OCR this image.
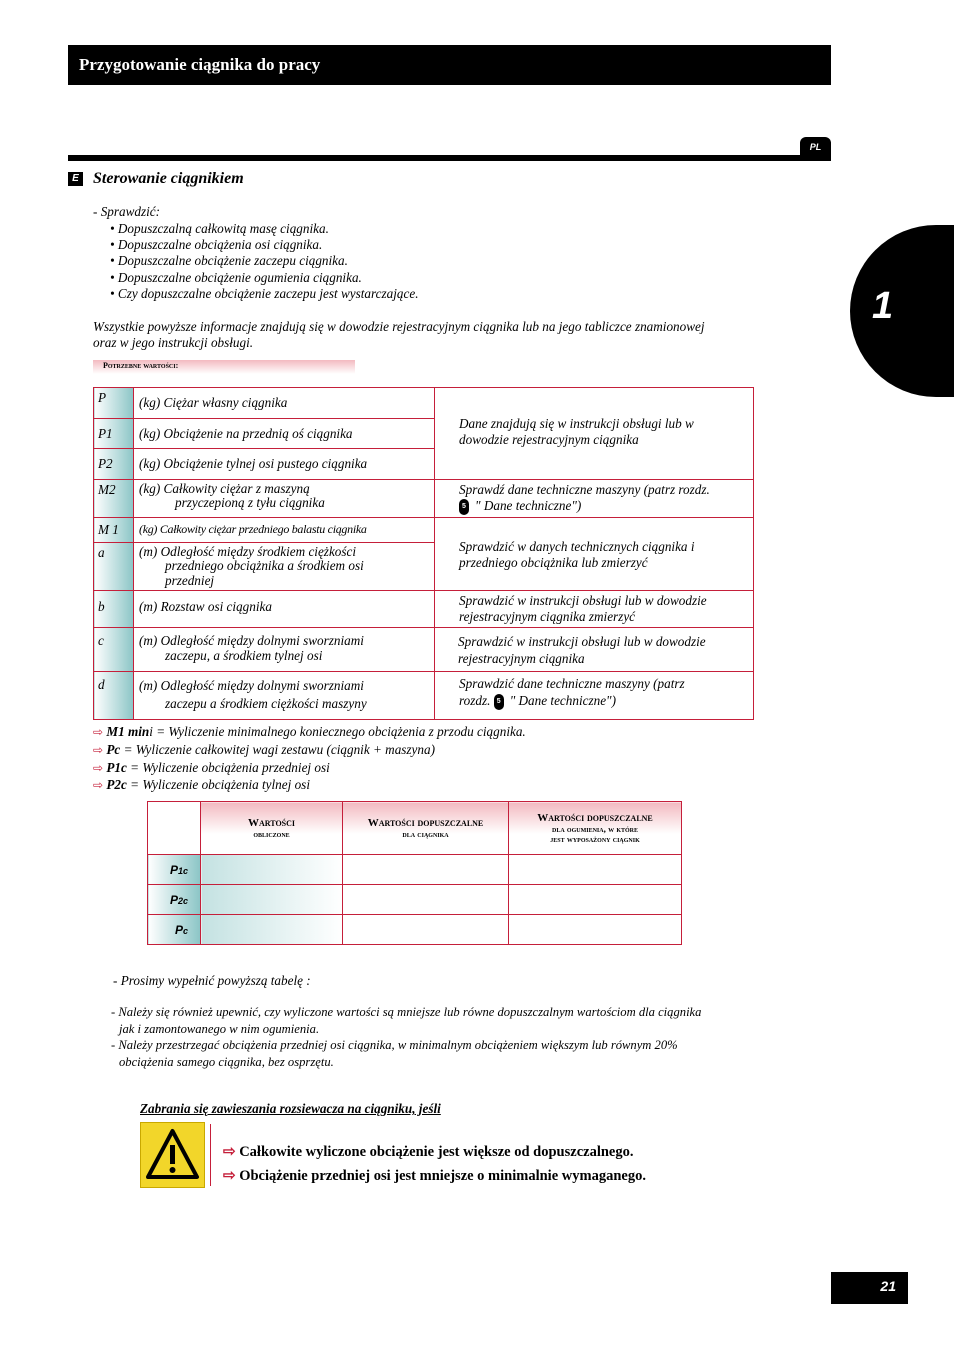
Przygotowanie ciągnika do pracy
PL
1
E Sterowanie ciągnikiem
- Sprawdzić:
• Dopuszczalną całkowitą masę ciągnika.
• Dopuszczalne obciążenia osi ciągnika.
• Dopuszczalne obciążenie zaczepu ciągnika.
• Dopuszczalne obciążenie ogumienia ciągnika.
• Czy dopuszczalne obciążenie zaczepu jest wystarczające.
Wszystkie powyższe informacje znajdują się w dowodzie rejestracyjnym ciągnika lub na jego tabliczce znamionowej
oraz w jego instrukcji obsługi.
Potrzebne wartości:
P	(kg) Ciężar własny ciągnika	Dane znajdują się w instrukcji obsługi lub w
dowodzie rejestracyjnym ciągnika
P1	(kg) Obciążenie na przednią oś ciągnika	
P2	(kg) Obciążenie tylnej osi pustego ciągnika	
M2	(kg) Całkowity ciężar z maszyną
przyczepioną z tyłu ciągnika	Sprawdź dane techniczne maszyny (patrz rozdz.
5 " Dane techniczne")
M 1	(kg) Całkowity ciężar przedniego balastu ciągnika	Sprawdzić w danych technicznych ciągnika i
przedniego obciążnika lub zmierzyć
a	(m) Odległość między środkiem ciężkości
przedniego obciążnika a środkiem osi
przedniej	

b	(m) Rozstaw osi ciągnika	Sprawdzić w instrukcji obsługi lub w dowodzie
rejestracyjnym ciągnika zmierzyć
c	(m) Odległość między dolnymi sworzniami
zaczepu, a środkiem tylnej osi	Sprawdzić w instrukcji obsługi lub w dowodzie
rejestracyjnym ciągnika
d	(m) Odległość między dolnymi sworzniami
zaczepu a środkiem ciężkości maszyny	Sprawdzić dane techniczne maszyny (patrz
rozdz. 5 " Dane techniczne")
⇨ M1 mini = Wyliczenie minimalnego koniecznego obciążenia z przodu ciągnika.
⇨ Pc = Wyliczenie całkowitej wagi zestawu (ciągnik + maszyna)
⇨ P1c = Wyliczenie obciążenia przedniej osi
⇨ P2c = Wyliczenie obciążenia tylnej osi
	Wartości
obliczone	Wartości dopuszczalne
dla ciągnika	Wartości dopuszczalne
dla ogumienia, w które
jest wyposażony ciągnik
P1c			
P2c			
Pc			
- Prosimy wypełnić powyższą tabelę :
- Należy się również upewnić, czy wyliczone wartości są mniejsze lub równe dopuszczalnym wartościom dla ciągnika
jak i zamontowanego w nim ogumienia.
- Należy przestrzegać obciążenia przedniej osi ciągnika, w minimalnym obciążeniem większym lub równym 20%
obciążenia samego ciągnika, bez osprzętu.
Zabrania się zawieszania rozsiewacza na ciągniku, jeśli
⇨ Całkowite wyliczone obciążenie jest większe od dopuszczalnego.
⇨ Obciążenie przedniej osi jest mniejsze o minimalnie wymaganego.
21
